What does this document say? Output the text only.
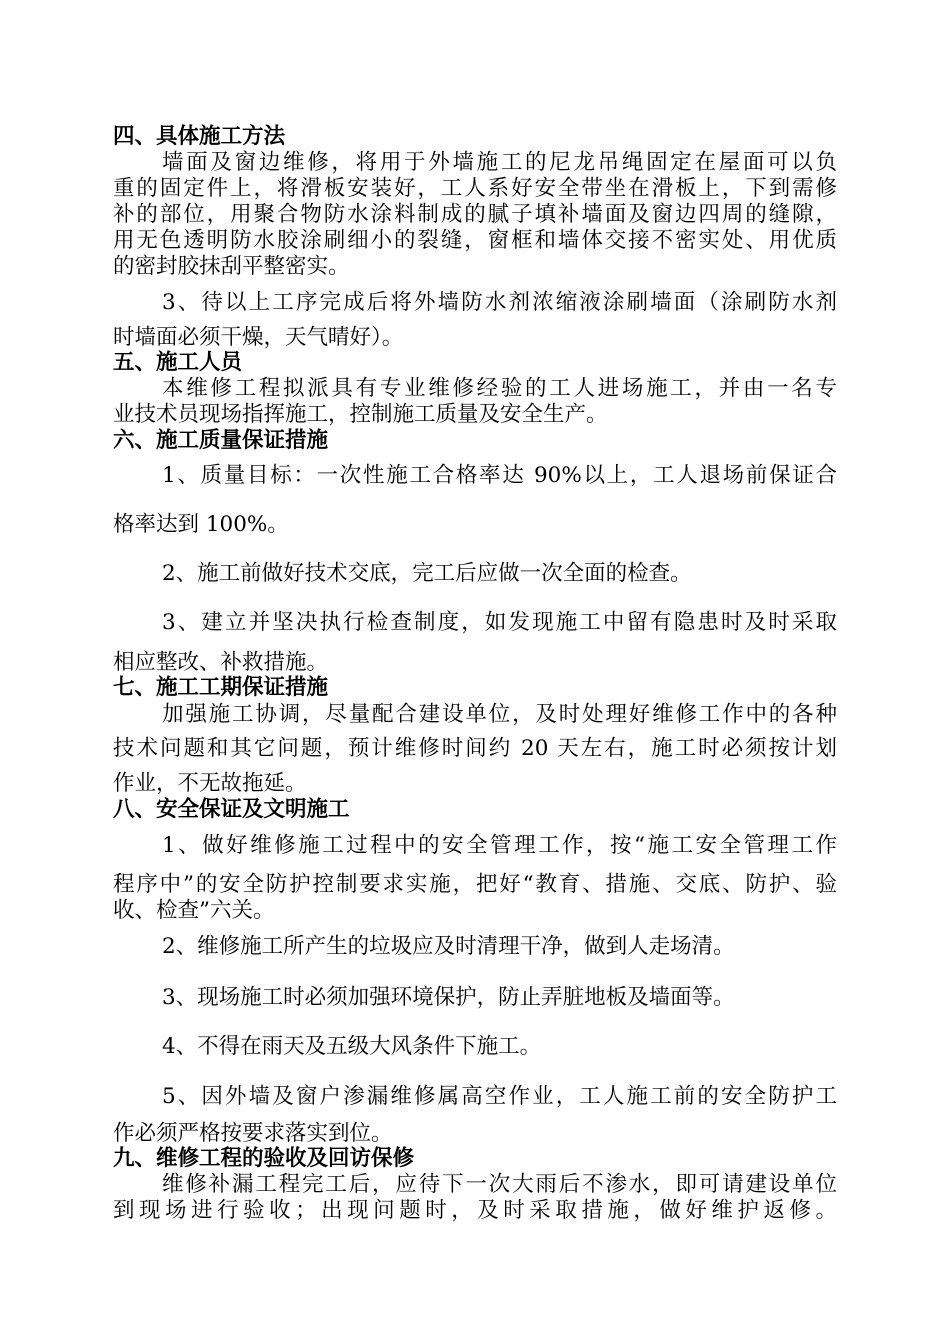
四、具体施工方法
墙面及窗边维修，将用于外墙施工的尼龙吊绳固定在屋面可以负
重的固定件上，将滑板安装好，工人系好安全带坐在滑板上，下到需修
补的部位，用聚合物防水涂料制成的腻子填补墙面及窗边四周的缝隙，
用无色透明防水胶涂刷细小的裂缝，窗框和墙体交接不密实处、用优质
的密封胶抹刮平整密实。
3、待以上工序完成后将外墙防水剂浓缩液涂刷墙面（涂刷防水剂
时墙面必须干燥，天气晴好）。
五、施工人员
本维修工程拟派具有专业维修经验的工人进场施工，并由一名专
业技术员现场指挥施工，控制施工质量及安全生产。
六、施工质量保证措施
1、质量目标：一次性施工合格率达 90%以上，工人退场前保证合
格率达到 100%。
2、施工前做好技术交底，完工后应做一次全面的检查。
3、建立并坚决执行检查制度，如发现施工中留有隐患时及时采取
相应整改、补救措施。
七、施工工期保证措施
加强施工协调，尽量配合建设单位，及时处理好维修工作中的各种
技术问题和其它问题，预计维修时间约 20 天左右，施工时必须按计划
作业，不无故拖延。
八、安全保证及文明施工
1、做好维修施工过程中的安全管理工作，按“施工安全管理工作
程序中”的安全防护控制要求实施，把好“教育、措施、交底、防护、验
收、检查”六关。
2、维修施工所产生的垃圾应及时清理干净，做到人走场清。
3、现场施工时必须加强环境保护，防止弄脏地板及墙面等。
4、不得在雨天及五级大风条件下施工。
5、因外墙及窗户渗漏维修属高空作业，工人施工前的安全防护工
作必须严格按要求落实到位。
九、维修工程的验收及回访保修
维修补漏工程完工后，应待下一次大雨后不渗水，即可请建设单位
到现场进行验收；出现问题时，及时采取措施，做好维护返修。
